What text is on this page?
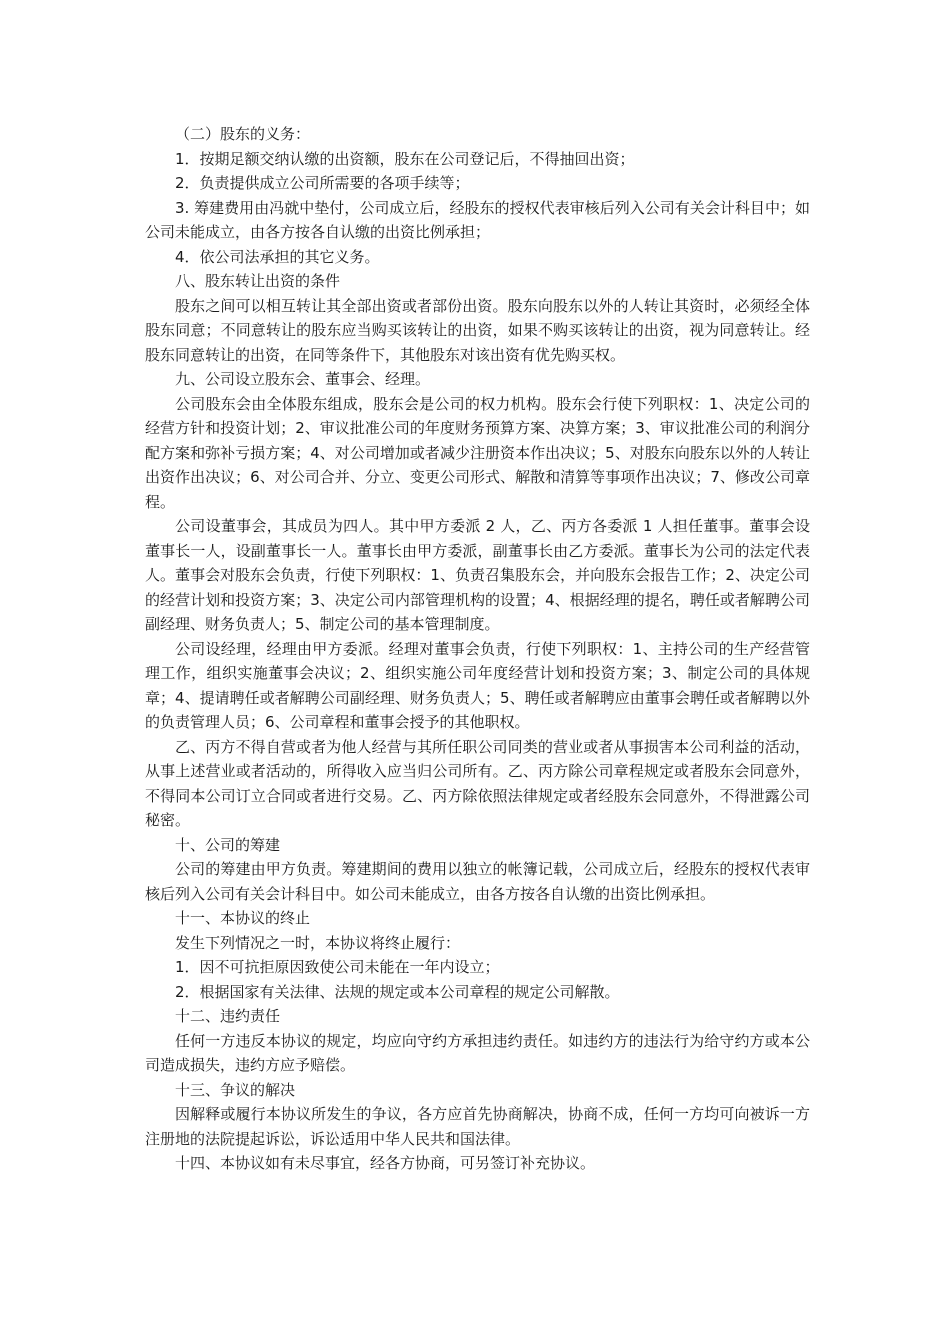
（二）股东的义务：

1．按期足额交纳认缴的出资额，股东在公司登记后，不得抽回出资；

2．负责提供成立公司所需要的各项手续等；

3. 筹建费用由冯就中垫付，公司成立后，经股东的授权代表审核后列入公司有关会计科目中；如公司未能成立，由各方按各自认缴的出资比例承担；

4．依公司法承担的其它义务。

八、股东转让出资的条件

股东之间可以相互转让其全部出资或者部份出资。股东向股东以外的人转让其资时，必须经全体股东同意；不同意转让的股东应当购买该转让的出资，如果不购买该转让的出资，视为同意转让。经股东同意转让的出资，在同等条件下，其他股东对该出资有优先购买权。

九、公司设立股东会、董事会、经理。

公司股东会由全体股东组成，股东会是公司的权力机构。股东会行使下列职权：1、决定公司的经营方针和投资计划；2、审议批准公司的年度财务预算方案、决算方案；3、审议批准公司的利润分配方案和弥补亏损方案；4、对公司增加或者减少注册资本作出决议；5、对股东向股东以外的人转让出资作出决议；6、对公司合并、分立、变更公司形式、解散和清算等事项作出决议；7、修改公司章程。

公司设董事会，其成员为四人。其中甲方委派 2 人，乙、丙方各委派 1 人担任董事。董事会设董事长一人，设副董事长一人。董事长由甲方委派，副董事长由乙方委派。董事长为公司的法定代表人。董事会对股东会负责，行使下列职权：1、负责召集股东会，并向股东会报告工作；2、决定公司的经营计划和投资方案；3、决定公司内部管理机构的设置；4、根据经理的提名，聘任或者解聘公司副经理、财务负责人；5、制定公司的基本管理制度。

公司设经理，经理由甲方委派。经理对董事会负责，行使下列职权：1、主持公司的生产经营管理工作，组织实施董事会决议；2、组织实施公司年度经营计划和投资方案；3、制定公司的具体规章；4、提请聘任或者解聘公司副经理、财务负责人；5、聘任或者解聘应由董事会聘任或者解聘以外的负责管理人员；6、公司章程和董事会授予的其他职权。

乙、丙方不得自营或者为他人经营与其所任职公司同类的营业或者从事损害本公司利益的活动，从事上述营业或者活动的，所得收入应当归公司所有。乙、丙方除公司章程规定或者股东会同意外，不得同本公司订立合同或者进行交易。乙、丙方除依照法律规定或者经股东会同意外，不得泄露公司秘密。

十、公司的筹建

公司的筹建由甲方负责。筹建期间的费用以独立的帐簿记载，公司成立后，经股东的授权代表审核后列入公司有关会计科目中。如公司未能成立，由各方按各自认缴的出资比例承担。

十一、本协议的终止

发生下列情况之一时，本协议将终止履行：

1．因不可抗拒原因致使公司未能在一年内设立；

2．根据国家有关法律、法规的规定或本公司章程的规定公司解散。

十二、违约责任

任何一方违反本协议的规定，均应向守约方承担违约责任。如违约方的违法行为给守约方或本公司造成损失，违约方应予赔偿。

十三、争议的解决

因解释或履行本协议所发生的争议，各方应首先协商解决，协商不成，任何一方均可向被诉一方注册地的法院提起诉讼，诉讼适用中华人民共和国法律。

十四、本协议如有未尽事宜，经各方协商，可另签订补充协议。
